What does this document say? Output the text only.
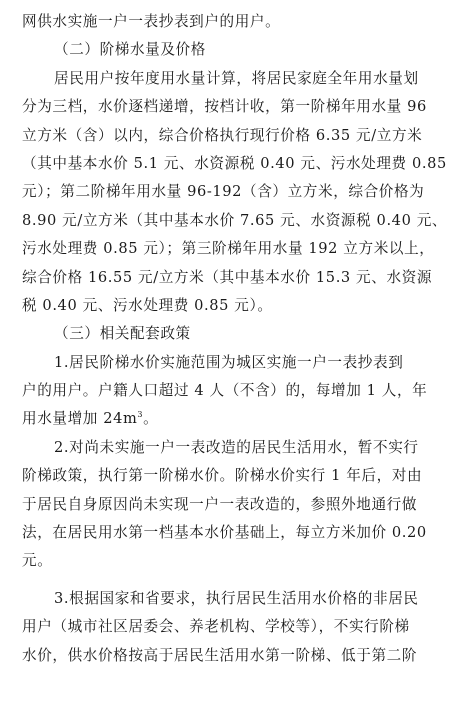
网供水实施一户一表抄表到户的用户。
（二）阶梯水量及价格
居民用户按年度用水量计算，将居民家庭全年用水量划
分为三档，水价逐档递增，按档计收，第一阶梯年用水量 96
立方米（含）以内，综合价格执行现行价格 6.35 元/立方米
（其中基本水价 5.1 元、水资源税 0.40 元、污水处理费 0.85
元）；第二阶梯年用水量 96-192（含）立方米，综合价格为
8.90 元/立方米（其中基本水价 7.65 元、水资源税 0.40 元、
污水处理费 0.85 元）；第三阶梯年用水量 192 立方米以上，
综合价格 16.55 元/立方米（其中基本水价 15.3 元、水资源
税 0.40 元、污水处理费 0.85 元）。
（三）相关配套政策
1.居民阶梯水价实施范围为城区实施一户一表抄表到
户的用户。户籍人口超过 4 人（不含）的，每增加 1 人，年
用水量增加 $24m^3$。
2.对尚未实施一户一表改造的居民生活用水，暂不实行
阶梯政策，执行第一阶梯水价。阶梯水价实行 1 年后，对由
于居民自身原因尚未实现一户一表改造的，参照外地通行做
法，在居民用水第一档基本水价基础上，每立方米加价 0.20
元。
3.根据国家和省要求，执行居民生活用水价格的非居民
用户（城市社区居委会、养老机构、学校等），不实行阶梯
水价，供水价格按高于居民生活用水第一阶梯、低于第二阶
